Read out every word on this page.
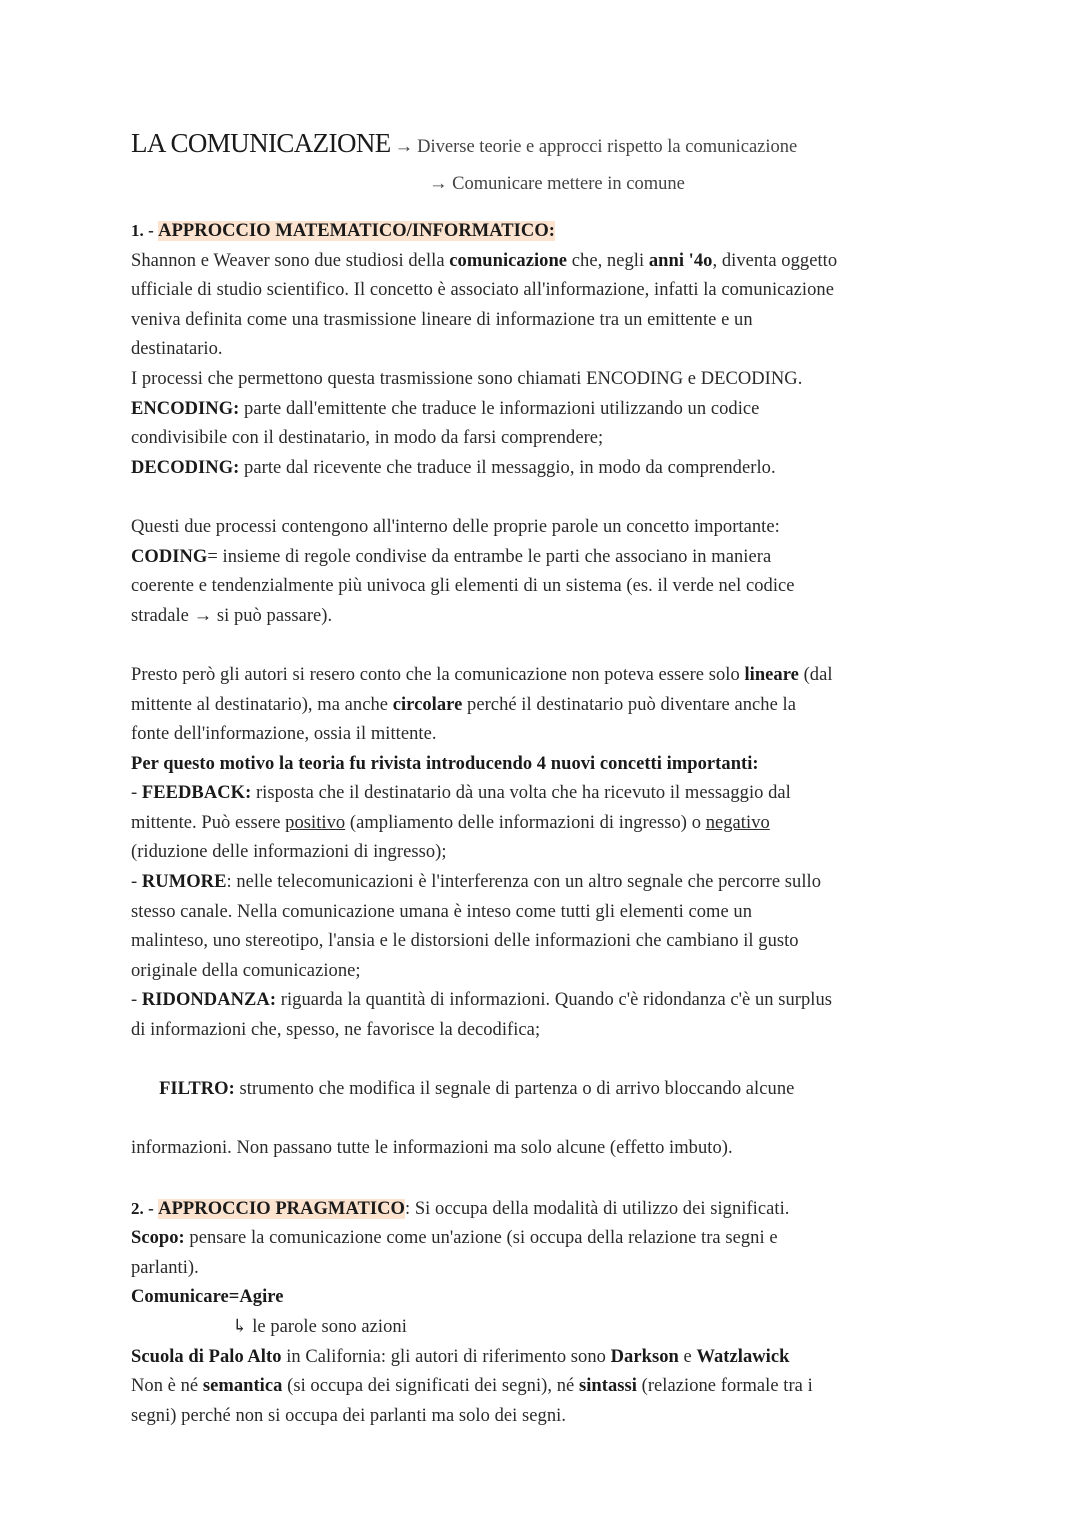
LA COMUNICAZIONE → Diverse teorie e approcci rispetto la comunicazione
→ Comunicare mettere in comune
1. - APPROCCIO MATEMATICO/INFORMATICO:
Shannon e Weaver sono due studiosi della comunicazione che, negli anni '4o, diventa oggetto
ufficiale di studio scientifico. Il concetto è associato all'informazione, infatti la comunicazione
veniva definita come una trasmissione lineare di informazione tra un emittente e un
destinatario.
I processi che permettono questa trasmissione sono chiamati ENCODING e DECODING.
ENCODING: parte dall'emittente che traduce le informazioni utilizzando un codice
condivisibile con il destinatario, in modo da farsi comprendere;
DECODING: parte dal ricevente che traduce il messaggio, in modo da comprenderlo.
Questi due processi contengono all'interno delle proprie parole un concetto importante:
CODING= insieme di regole condivise da entrambe le parti che associano in maniera
coerente e tendenzialmente più univoca gli elementi di un sistema (es. il verde nel codice
stradale → si può passare).
Presto però gli autori si resero conto che la comunicazione non poteva essere solo lineare (dal
mittente al destinatario), ma anche circolare perché il destinatario può diventare anche la
fonte dell'informazione, ossia il mittente.
Per questo motivo la teoria fu rivista introducendo 4 nuovi concetti importanti:
- FEEDBACK: risposta che il destinatario dà una volta che ha ricevuto il messaggio dal
mittente. Può essere positivo (ampliamento delle informazioni di ingresso) o negativo
(riduzione delle informazioni di ingresso);
- RUMORE: nelle telecomunicazioni è l'interferenza con un altro segnale che percorre sullo
stesso canale. Nella comunicazione umana è inteso come tutti gli elementi come un
malinteso, uno stereotipo, l'ansia e le distorsioni delle informazioni che cambiano il gusto
originale della comunicazione;
- RIDONDANZA: riguarda la quantità di informazioni. Quando c'è ridondanza c'è un surplus
di informazioni che, spesso, ne favorisce la decodifica;

FILTRO: strumento che modifica il segnale di partenza o di arrivo bloccando alcune

informazioni. Non passano tutte le informazioni ma solo alcune (effetto imbuto).
2. - APPROCCIO PRAGMATICO: Si occupa della modalità di utilizzo dei significati.
Scopo: pensare la comunicazione come un'azione (si occupa della relazione tra segni e
parlanti).
Comunicare=Agire
↳ le parole sono azioni
Scuola di Palo Alto in California: gli autori di riferimento sono Darkson e Watzlawick
Non è né semantica (si occupa dei significati dei segni), né sintassi (relazione formale tra i
segni) perché non si occupa dei parlanti ma solo dei segni.
